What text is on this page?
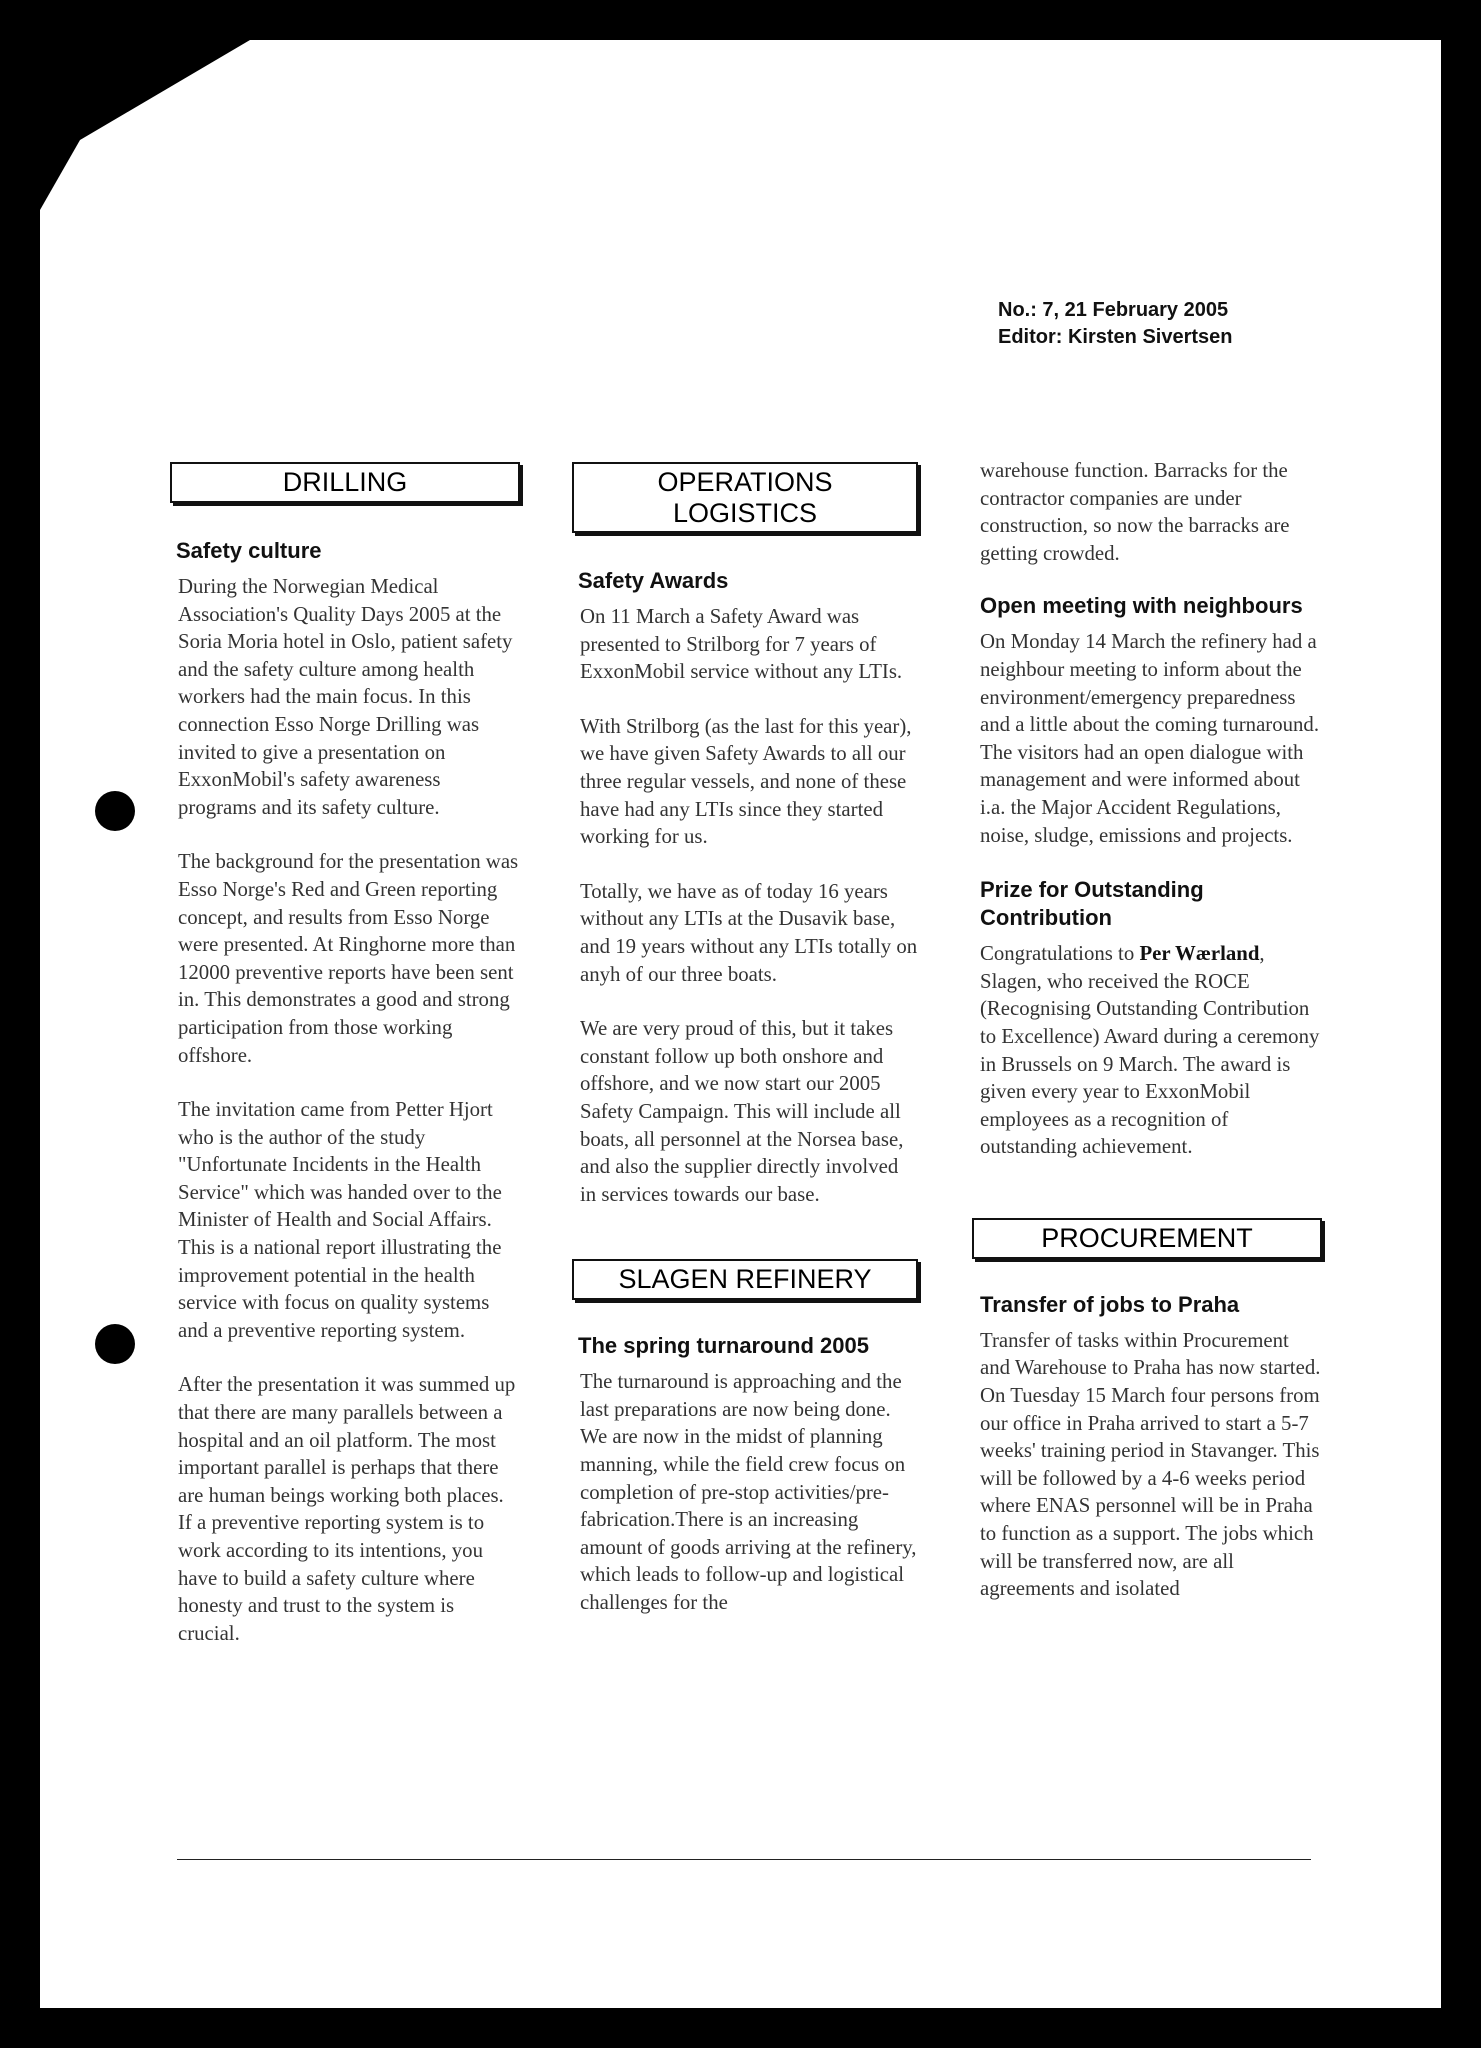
No.: 7, 21 February 2005
Editor: Kirsten Sivertsen
DRILLING
Safety culture

During the Norwegian Medical Association's Quality Days 2005 at the Soria Moria hotel in Oslo, patient safety and the safety culture among health workers had the main focus. In this connection Esso Norge Drilling was invited to give a presentation on ExxonMobil's safety awareness programs and its safety culture.

The background for the presentation was Esso Norge's Red and Green reporting concept, and results from Esso Norge were presented. At Ringhorne more than 12000 preventive reports have been sent in. This demonstrates a good and strong participation from those working offshore.

The invitation came from Petter Hjort who is the author of the study "Unfortunate Incidents in the Health Service" which was handed over to the Minister of Health and Social Affairs. This is a national report illustrating the improvement potential in the health service with focus on quality systems and a preventive reporting system.

After the presentation it was summed up that there are many parallels between a hospital and an oil platform. The most important parallel is perhaps that there are human beings working both places. If a preventive reporting system is to work according to its intentions, you have to build a safety culture where honesty and trust to the system is crucial.

OPERATIONS
LOGISTICS
Safety Awards

On 11 March a Safety Award was presented to Strilborg for 7 years of ExxonMobil service without any LTIs.

With Strilborg (as the last for this year), we have given Safety Awards to all our three regular vessels, and none of these have had any LTIs since they started working for us.

Totally, we have as of today 16 years without any LTIs at the Dusavik base, and 19 years without any LTIs totally on anyh of our three boats.

We are very proud of this, but it takes constant follow up both onshore and offshore, and we now start our 2005 Safety Campaign. This will include all boats, all personnel at the Norsea base, and also the supplier directly involved in services towards our base.

SLAGEN REFINERY
The spring turnaround 2005

The turnaround is approaching and the last preparations are now being done. We are now in the midst of planning manning, while the field crew focus on completion of pre-stop activities/pre-fabrication.There is an increasing amount of goods arriving at the refinery, which leads to follow-up and logistical challenges for the

warehouse function. Barracks for the contractor companies are under construction, so now the barracks are getting crowded.

Open meeting with neighbours

On Monday 14 March the refinery had a neighbour meeting to inform about the environment/emergency preparedness and a little about the coming turnaround. The visitors had an open dialogue with management and were informed about i.a. the Major Accident Regulations, noise, sludge, emissions and projects.

Prize for Outstanding Contribution

Congratulations to Per Wærland, Slagen, who received the ROCE (Recognising Outstanding Contribution to Excellence) Award during a ceremony in Brussels on 9 March. The award is given every year to ExxonMobil employees as a recognition of outstanding achievement.

PROCUREMENT
Transfer of jobs to Praha

Transfer of tasks within Procurement and Warehouse to Praha has now started. On Tuesday 15 March four persons from our office in Praha arrived to start a 5-7 weeks' training period in Stavanger. This will be followed by a 4-6 weeks period where ENAS personnel will be in Praha to function as a support. The jobs which will be transferred now, are all agreements and isolated
